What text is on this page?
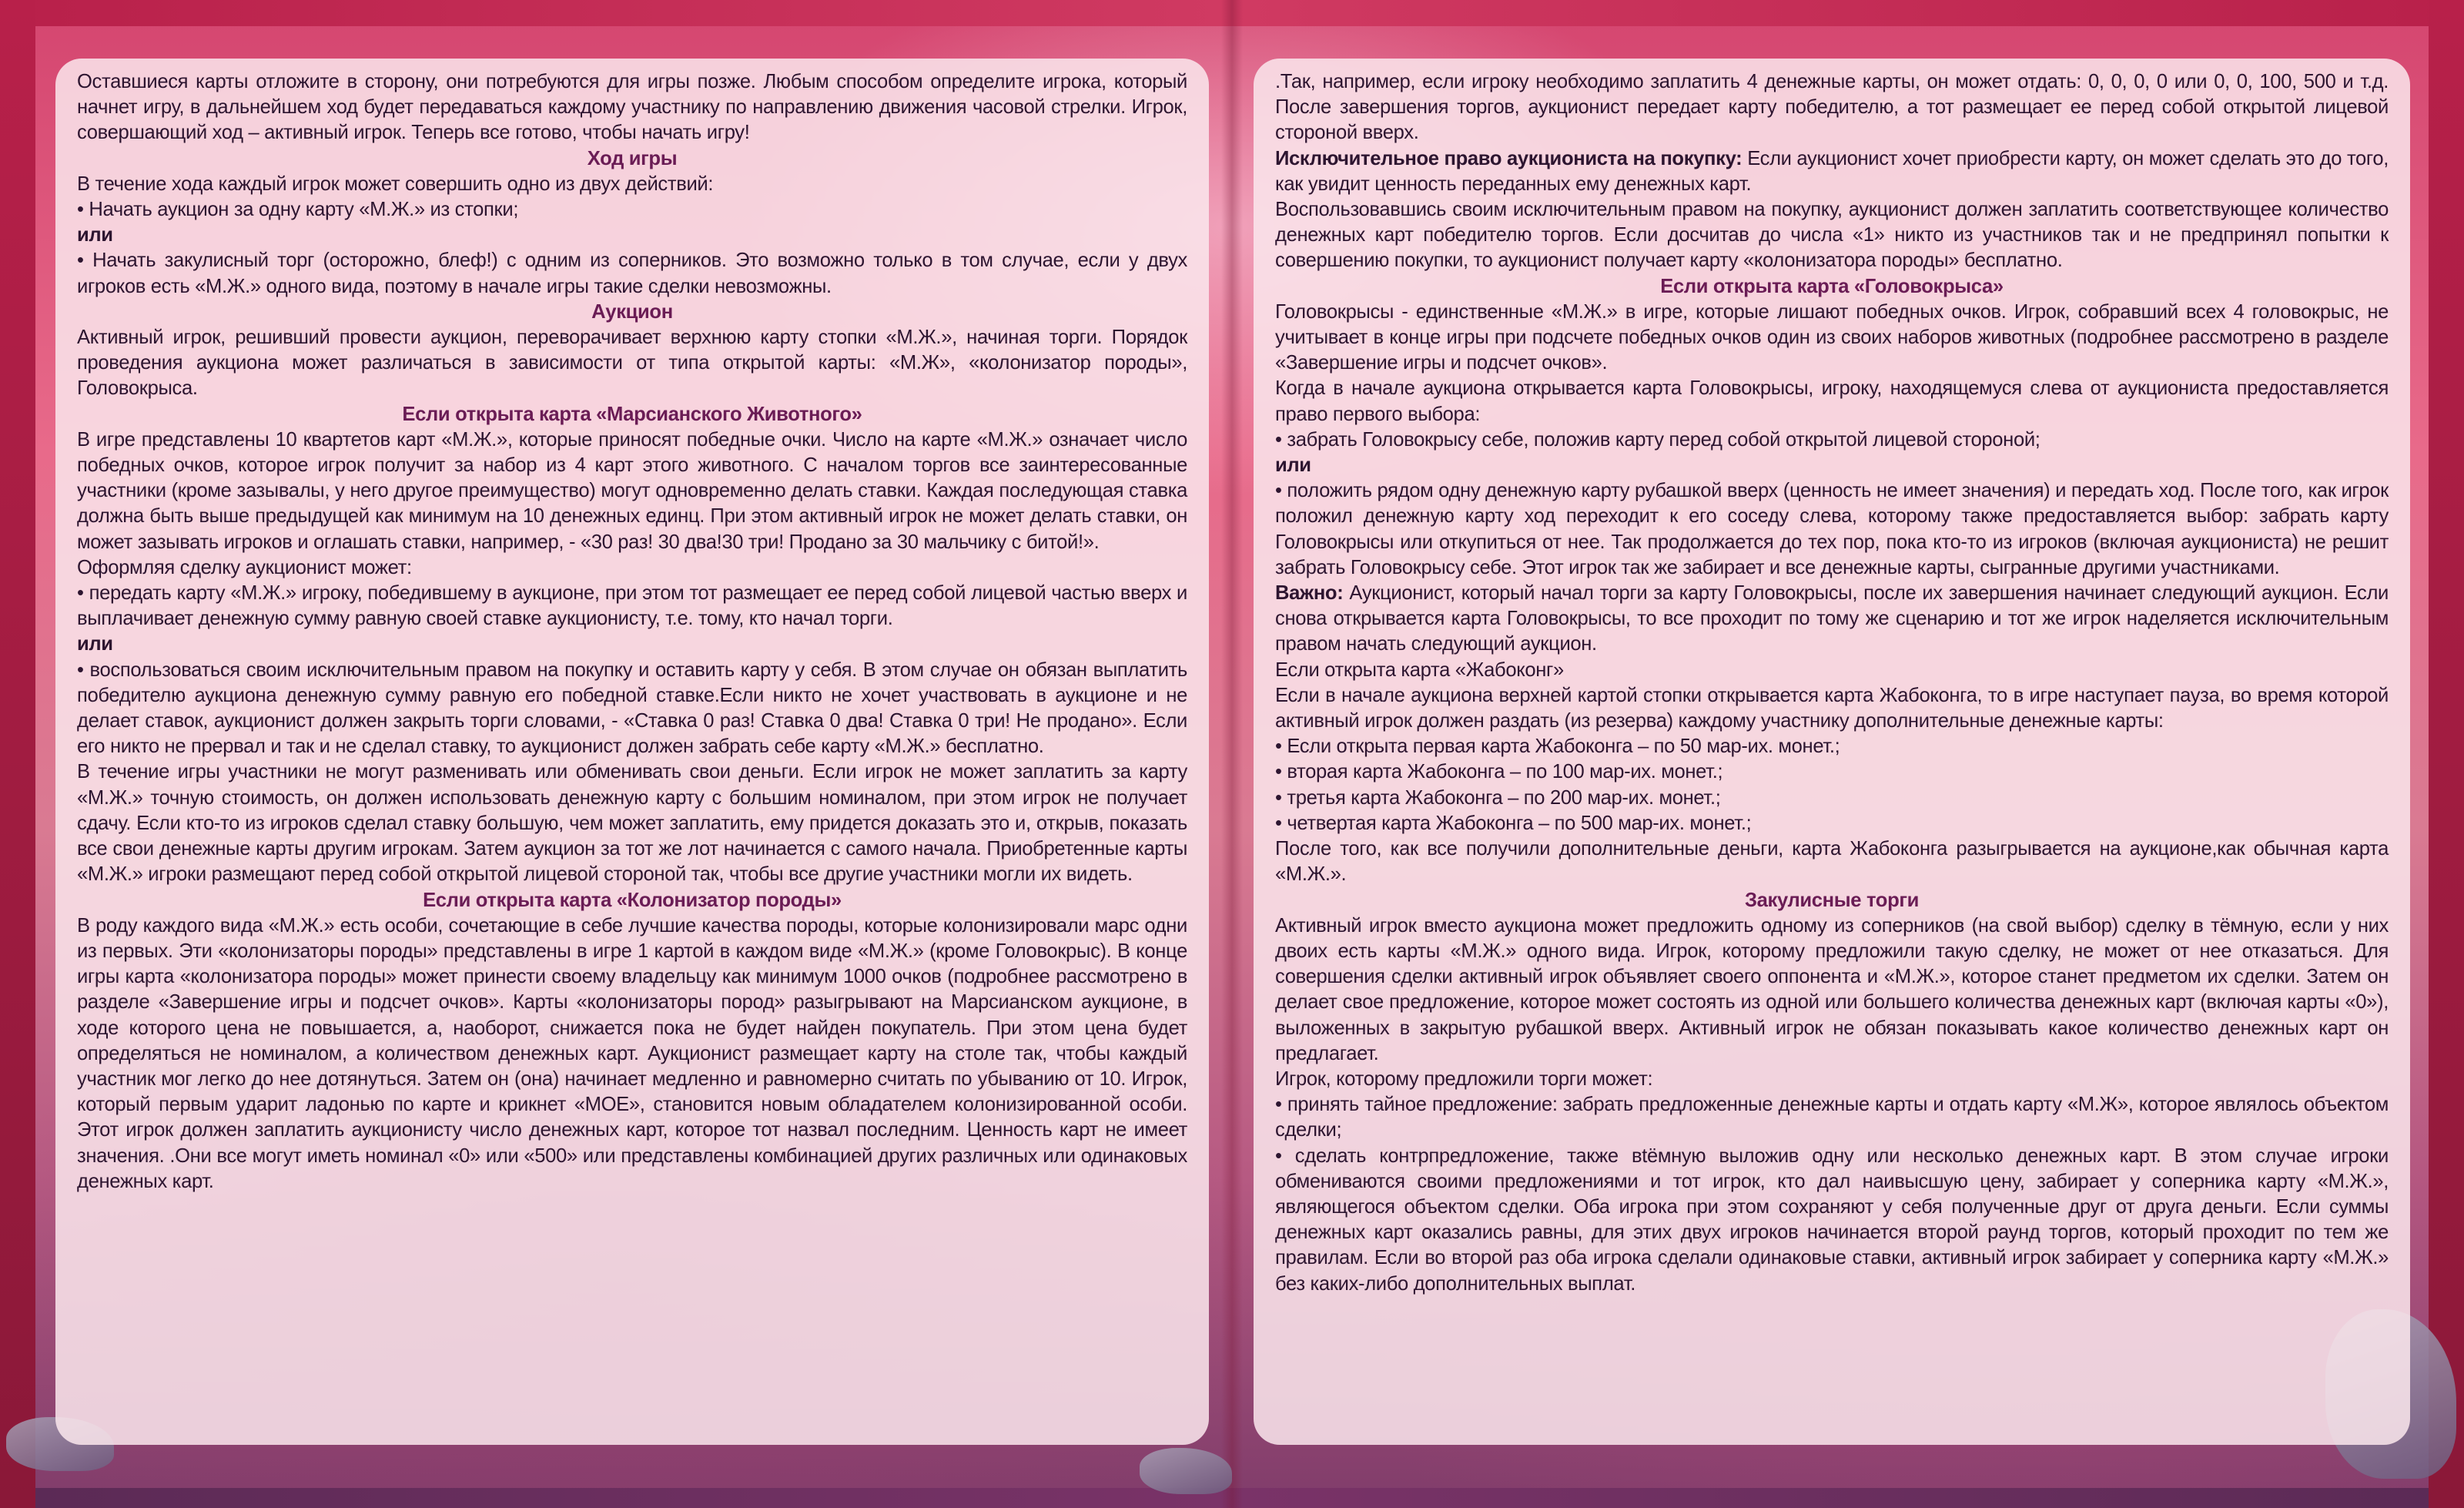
Оставшиеся карты отложите в сторону, они потребуются для игры позже. Любым способом определите игрока, который начнет игру, в дальнейшем ход будет передаваться каждому участнику по направлению движения часовой стрелки. Игрок, совершающий ход – активный игрок. Теперь все готово, чтобы начать игру!

Ход игры

В течение хода каждый игрок может совершить одно из двух действий:

• Начать аукцион за одну карту «М.Ж.» из стопки;

или

• Начать закулисный торг (осторожно, блеф!) с одним из соперников. Это возможно только в том случае, если у двух игроков есть «М.Ж.» одного вида, поэтому в начале игры такие сделки невозможны.

Аукцион

Активный игрок, решивший провести аукцион, переворачивает верхнюю карту стопки «М.Ж.», начиная торги. Порядок проведения аукциона может различаться в зависимости от типа открытой карты: «М.Ж», «колонизатор породы», Головокрыса.

Если открыта карта «Марсианского Животного»

В игре представлены 10 квартетов карт «М.Ж.», которые приносят победные очки. Число на карте «М.Ж.» означает число победных очков, которое игрок получит за набор из 4 карт этого животного. С началом торгов все заинтересованные участники (кроме зазывалы, у него другое преимущество) могут одновременно делать ставки. Каждая последующая ставка должна быть выше предыдущей как минимум на 10 денежных единц. При этом активный игрок не может делать ставки, он может зазывать игроков и оглашать ставки, например, - «30 раз! 30 два!30 три! Продано за 30 мальчику с битой!».

Оформляя сделку аукционист может:

• передать карту «М.Ж.» игроку, победившему в аукционе, при этом тот размещает ее перед собой лицевой частью вверх и выплачивает денежную сумму равную своей ставке аукционисту, т.е. тому, кто начал торги.

или

• воспользоваться своим исключительным правом на покупку и оставить карту у себя. В этом случае он обязан выплатить победителю аукциона денежную сумму равную его победной ставке.Если никто не хочет участвовать в аукционе и не делает ставок, аукционист должен закрыть торги словами, - «Ставка 0 раз! Ставка 0 два! Ставка 0 три! Не продано». Если его никто не прервал и так и не сделал ставку, то аукционист должен забрать себе карту «М.Ж.» бесплатно.

В течение игры участники не могут разменивать или обменивать свои деньги. Если игрок не может заплатить за карту «М.Ж.» точную стоимость, он должен использовать денежную карту с большим номиналом, при этом игрок не получает сдачу. Если кто-то из игроков сделал ставку большую, чем может заплатить, ему придется доказать это и, открыв, показать все свои денежные карты другим игрокам. Затем аукцион за тот же лот начинается с самого начала. Приобретенные карты «М.Ж.» игроки размещают перед собой открытой лицевой стороной так, чтобы все другие участники могли их видеть.

Если открыта карта «Колонизатор породы»

В роду каждого вида «М.Ж.» есть особи, сочетающие в себе лучшие качества породы, которые колонизировали марс одни из первых. Эти «колонизаторы породы» представлены в игре 1 картой в каждом виде «М.Ж.» (кроме Головокрыс). В конце игры карта «колонизатора породы» может принести своему владельцу как минимум 1000 очков (подробнее рассмотрено в разделе «Завершение игры и подсчет очков». Карты «колонизаторы пород» разыгрывают на Марсианском аукционе, в ходе которого цена не повышается, а, наоборот, снижается пока не будет найден покупатель. При этом цена будет определяться не номиналом, а количеством денежных карт. Аукционист размещает карту на столе так, чтобы каждый участник мог легко до нее дотянуться. Затем он (она) начинает медленно и равномерно считать по убыванию от 10. Игрок, который первым ударит ладонью по карте и крикнет «МОЕ», становится новым обладателем колонизированной особи. Этот игрок должен заплатить аукционисту число денежных карт, которое тот назвал последним. Ценность карт не имеет значения. .Они все могут иметь номинал «0» или «500» или представлены комбинацией других различных или одинаковых денежных карт.

.Так, например, если игроку необходимо заплатить 4 денежные карты, он может отдать: 0, 0, 0, 0 или 0, 0, 100, 500 и т.д. После завершения торгов, аукционист передает карту победителю, а тот размещает ее перед собой открытой лицевой стороной вверх.

Исключительное право аукциониста на покупку: Если аукционист хочет приобрести карту, он может сделать это до того, как увидит ценность переданных ему денежных карт.

Воспользовавшись своим исключительным правом на покупку, аукционист должен заплатить соответствующее количество денежных карт победителю торгов. Если досчитав до числа «1» никто из участников так и не предпринял попытки к совершению покупки, то аукционист получает карту «колонизатора породы» бесплатно.

Если открыта карта «Головокрыса»

Головокрысы - единственные «М.Ж.» в игре, которые лишают победных очков. Игрок, собравший всех 4 головокрыс, не учитывает в конце игры при подсчете победных очков один из своих наборов животных (подробнее рассмотрено в разделе «Завершение игры и подсчет очков».

Когда в начале аукциона открывается карта Головокрысы, игроку, находящемуся слева от аукциониста предоставляется право первого выбора:

• забрать Головокрысу себе, положив карту перед собой открытой лицевой стороной;

или

• положить рядом одну денежную карту рубашкой вверх (ценность не имеет значения) и передать ход. После того, как игрок положил денежную карту ход переходит к его соседу слева, которому также предоставляется выбор: забрать карту Головокрысы или откупиться от нее. Так продолжается до тех пор, пока кто-то из игроков (включая аукциониста) не решит забрать Головокрысу себе. Этот игрок так же забирает и все денежные карты, сыгранные другими участниками.

Важно: Аукционист, который начал торги за карту Головокрысы, после их завершения начинает следующий аукцион. Если снова открывается карта Головокрысы, то все проходит по тому же сценарию и тот же игрок наделяется исключительным правом начать следующий аукцион.

Если открыта карта «Жабоконг»

Если в начале аукциона верхней картой стопки открывается карта Жабоконга, то в игре наступает пауза, во время которой активный игрок должен раздать (из резерва) каждому участнику дополнительные денежные карты:

• Если открыта первая карта Жабоконга – по 50 мар-их. монет.;

• вторая карта Жабоконга – по 100 мар-их. монет.;

• третья карта Жабоконга – по 200 мар-их. монет.;

• четвертая карта Жабоконга – по 500 мар-их. монет.;

После того, как все получили дополнительные деньги, карта Жабоконга разыгрывается на аукционе,как обычная карта «М.Ж.».

Закулисные торги

Активный игрок вместо аукциона может предложить одному из соперников (на свой выбор) сделку в тёмную, если у них двоих есть карты «М.Ж.» одного вида. Игрок, которому предложили такую сделку, не может от нее отказаться. Для совершения сделки активный игрок объявляет своего оппонента и «М.Ж.», которое станет предметом их сделки. Затем он делает свое предложение, которое может состоять из одной или большего количества денежных карт (включая карты «0»), выложенных в закрытую рубашкой вверх. Активный игрок не обязан показывать какое количество денежных карт он предлагает.

Игрок, которому предложили торги может:

• принять тайное предложение: забрать предложенные денежные карты и отдать карту «М.Ж», которое являлось объектом сделки;

• сделать контрпредложение, также вtёмную выложив одну или несколько денежных карт. В этом случае игроки обмениваются своими предложениями и тот игрок, кто дал наивысшую цену, забирает у соперника карту «М.Ж.», являющегося объектом сделки. Оба игрока при этом сохраняют у себя полученные друг от друга деньги. Если суммы денежных карт оказались равны, для этих двух игроков начинается второй раунд торгов, который проходит по тем же правилам. Если во второй раз оба игрока сделали одинаковые ставки, активный игрок забирает у соперника карту «М.Ж.» без каких-либо дополнительных выплат.
